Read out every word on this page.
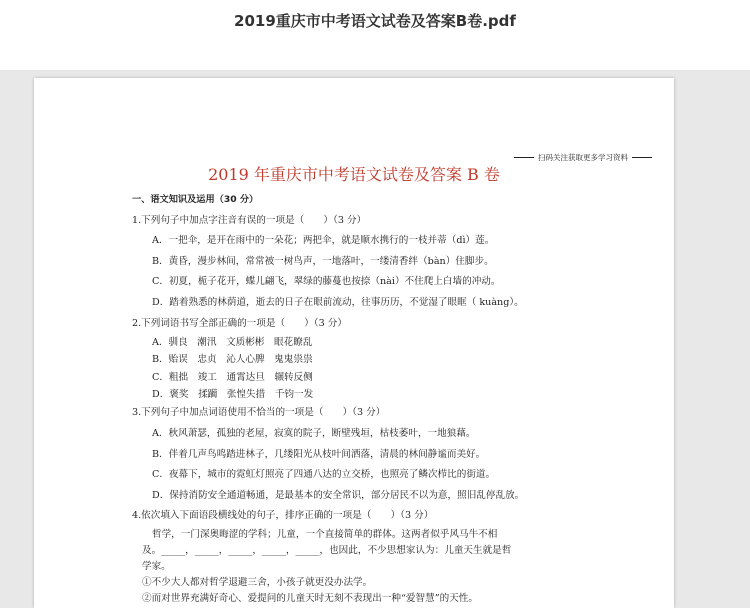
2019重庆市中考语文试卷及答案B卷.pdf
扫码关注获取更多学习资料
2019 年重庆市中考语文试卷及答案 B 卷
一、语文知识及运用（30 分）
1.下列句子中加点字注音有误的一项是（　　）（3 分）
A．一把伞，是开在雨中的一朵花；两把伞，就是顺水携行的一枝并蒂（dì）莲。
B．黄昏，漫步林间，常常被一树鸟声，一地落叶，一缕清香绊（bàn）住脚步。
C．初夏，栀子花开，蝶儿翩飞，翠绿的藤蔓也按捺（nài）不住爬上白墙的冲动。
D．踏着熟悉的林荫道，逝去的日子在眼前流动，往事历历，不觉湿了眼眶（ kuàng）。
2.下列词语书写全部正确的一项是（　　）（3 分）
A．驯良　潮汛　文质彬彬　眼花瞭乱
B．贻误　忠贞　沁人心脾　鬼鬼祟祟
C．粗拙　竣工　通霄达旦　辗转反侧
D．褒奖　揉躏　张惶失措　千钧一发
3.下列句子中加点词语使用不恰当的一项是（　　）（3 分）
A．秋风萧瑟，孤独的老屋，寂寞的院子，断壁残垣，枯枝萎叶，一地狼藉。
B．伴着几声鸟鸣踏进林子，几缕阳光从枝叶间洒落，清晨的林间静谧而美好。
C．夜幕下，城市的霓虹灯照亮了四通八达的立交桥，也照亮了鳞次栉比的街道。
D．保持消防安全通道畅通，是最基本的安全常识，部分居民不以为意，照旧乱停乱放。
4.依次填入下面语段横线处的句子，排序正确的一项是（　　）（3 分）
哲学，一门深奥晦涩的学科；儿童，一个直接简单的群体。这两者似乎风马牛不相
及。_____，_____，_____，_____，_____，也因此，不少思想家认为：儿童天生就是哲
学家。
①不少大人都对哲学退避三舍，小孩子就更没办法学。
②而对世界充满好奇心、爱提问的儿童天时无刻不表现出一种“爱智慧”的天性。
